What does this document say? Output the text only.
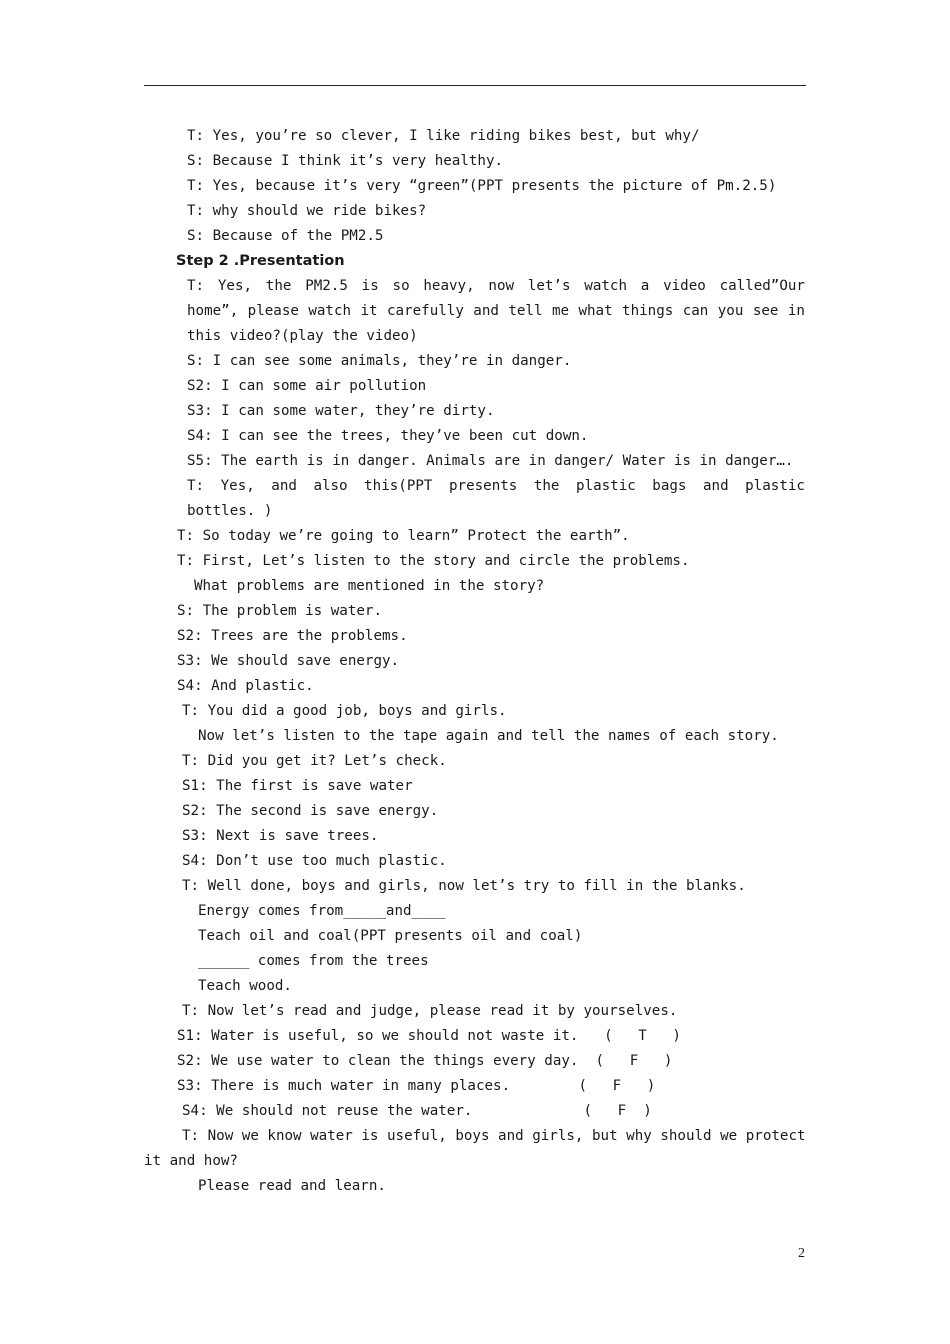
T: Yes, you’re so clever, I like riding bikes best, but why/
S: Because I think it’s very healthy.
T: Yes, because it’s very “green”(PPT presents the picture of Pm.2.5)
T: why should we ride bikes?
S: Because of the PM2.5
Step 2 .Presentation
T: Yes, the PM2.5 is so heavy, now let’s watch a video called”Our
home”, please watch it carefully and tell me what things can you see in
this video?(play the video)
S: I can see some animals, they’re in danger.
S2: I can some air pollution
S3: I can some water, they’re dirty.
S4: I can see the trees, they’ve been cut down.
S5: The earth is in danger. Animals are in danger/ Water is in danger….
T: Yes, and also this(PPT presents the plastic bags and plastic
bottles. )
T: So today we’re going to learn” Protect the earth”.
T: First, Let’s listen to the story and circle the problems.
What problems are mentioned in the story?
S: The problem is water.
S2: Trees are the problems.
S3: We should save energy.
S4: And plastic.
T: You did a good job, boys and girls.
Now let’s listen to the tape again and tell the names of each story.
T: Did you get it? Let’s check.
S1: The first is save water
S2: The second is save energy.
S3: Next is save trees.
S4: Don’t use too much plastic.
T: Well done, boys and girls, now let’s try to fill in the blanks.
Energy comes from_____and____
Teach oil and coal(PPT presents oil and coal)
______ comes from the trees
Teach wood.
T: Now let’s read and judge, please read it by yourselves.
S1: Water is useful, so we should not waste it.   (   T   )
S2: We use water to clean the things every day.  (   F   )
S3: There is much water in many places.        (   F   )
S4: We should not reuse the water.             (   F  )
T: Now we know water is useful, boys and girls, but why should we protect
it and how?
Please read and learn.
2
